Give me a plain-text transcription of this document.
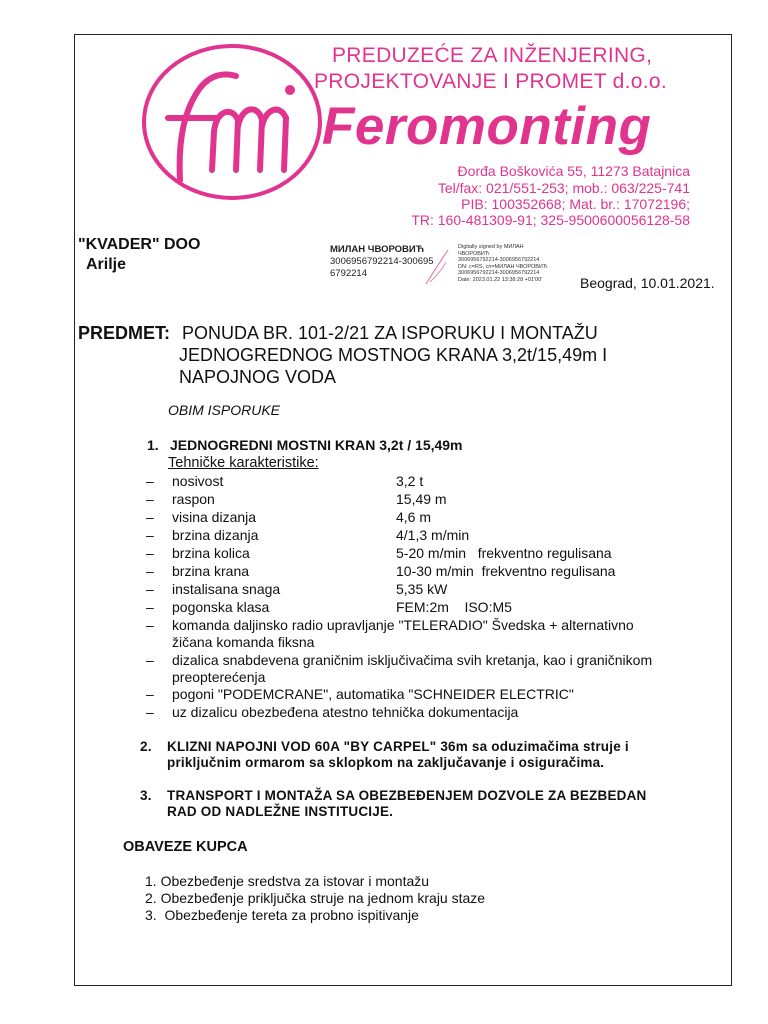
PREDUZEĆE ZA INŽENJERING,
PROJEKTOVANJE I PROMET d.o.o.
Feromonting
Đorđa Boškovića 55, 11273 Batajnica
Tel/fax: 021/551-253; mob.: 063/225-741
PIB: 100352668; Mat. br.: 17072196;
TR: 160-481309-91; 325-9500600056128-58
"KVADER" DOO
Arilje
МИЛАН ЧВОРОВИЋ
3006956792214-300695
6792214
Digitally signed by МИЛАН ЧВОРОВИЋ
3006956792214-3006956792214
DN: c=RS, cn=МИЛАН ЧВОРОВИЋ
3006956792214-3006956792214
Date: 2023.01.22 13:38:28 +01'00'	Beograd, 10.01.2021.
PREDMET: PONUDA BR. 101-2/21 ZA ISPORUKU I MONTAŽU
JEDNOGREDNOG MOSTNOG KRANA 3,2t/15,49m I
NAPOJNOG VODA
OBIM ISPORUKE
1. JEDNOGREDNI MOSTNI KRAN 3,2t / 15,49m
Tehničke karakteristike:
– nosivost	3,2 t
– raspon	15,49 m
– visina dizanja	4,6 m
– brzina dizanja	4/1,3 m/min
– brzina kolica	5-20 m/min   frekventno regulisana
– brzina krana	10-30 m/min  frekventno regulisana
– instalisana snaga	5,35 kW
– pogonska klasa	FEM:2m    ISO:M5
– komanda daljinsko radio upravljanje "TELERADIO" Švedska + alternativno
žičana komanda fiksna
– dizalica snabdevena graničnim isključivačima svih kretanja, kao i graničnikom
preopterećenja
– pogoni "PODEMCRANE", automatika "SCHNEIDER ELECTRIC"
– uz dizalicu obezbeđena atestno tehnička dokumentacija
2. KLIZNI NAPOJNI VOD 60A "BY CARPEL" 36m sa oduzimačima struje i
priključnim ormarom sa sklopkom na zaključavanje i osiguračima.
3. TRANSPORT I MONTAŽA SA OBEZBEĐENJEM DOZVOLE ZA BEZBEDAN
RAD OD NADLEŽNE INSTITUCIJE.
OBAVEZE KUPCA
1. Obezbeđenje sredstva za istovar i montažu
2. Obezbeđenje priključka struje na jednom kraju staze
3.  Obezbeđenje tereta za probno ispitivanje
